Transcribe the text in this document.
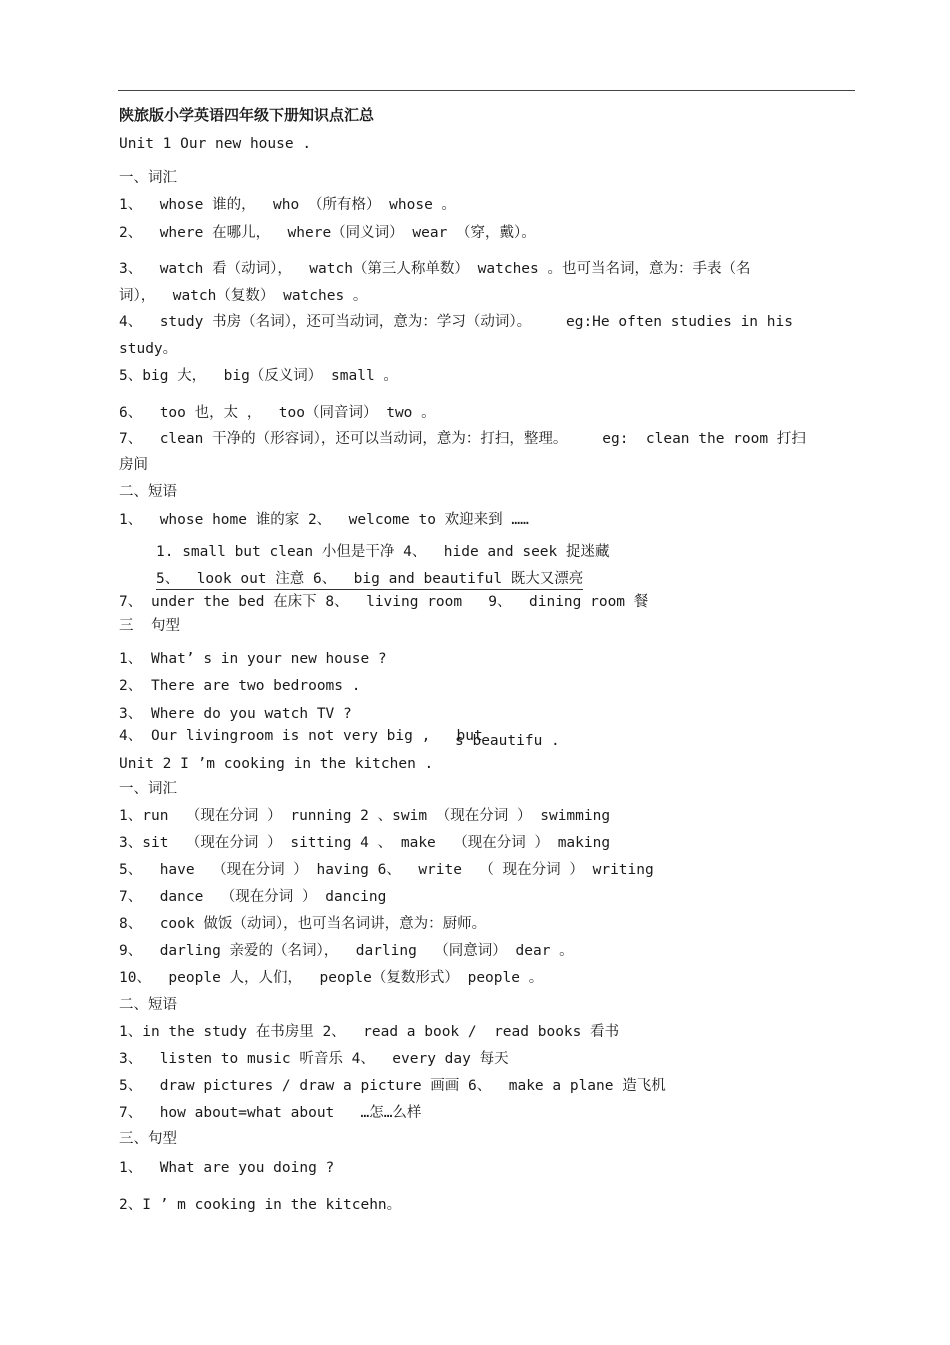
陕旅版小学英语四年级下册知识点汇总
Unit 1 Our new house .
一、词汇
1、  whose 谁的，  who （所有格） whose 。
2、  where 在哪儿，  where（同义词） wear （穿，戴）。
3、  watch 看（动词），  watch（第三人称单数） watches 。也可当名词，意为：手表（名
词），  watch（复数） watches 。
4、  study 书房（名词），还可当动词，意为：学习（动词）。    eg:He often studies in his
study。
5、big 大，  big（反义词） small 。
6、  too 也，太 ，  too（同音词） two 。
7、  clean 干净的（形容词），还可以当动词，意为：打扫，整理。    eg:  clean the room 打扫
房间
二、短语
1、  whose home 谁的家 2、  welcome to 欢迎来到 ……
1. small but clean 小但是干净 4、  hide and seek 捉迷藏
5、  look out 注意 6、  big and beautiful 既大又漂亮
7、 under the bed 在床下 8、  living room   9、  dining room 餐
三  句型
1、 What’ s in your new house ?
2、 There are two bedrooms .
3、 Where do you watch TV ?
4、 Our livingroom is not very big ,   but
s beautifu .
Unit 2 I ’m cooking in the kitchen .
一、词汇
1、run  （现在分词 ） running 2 、swim （现在分词 ） swimming
3、sit  （现在分词 ） sitting 4 、 make  （现在分词 ） making
5、  have  （现在分词 ） having 6、  write  （ 现在分词 ） writing
7、  dance  （现在分词 ） dancing
8、  cook 做饭（动词），也可当名词讲，意为：厨师。
9、  darling 亲爱的（名词），  darling  （同意词） dear 。
10、  people 人，人们，  people（复数形式） people 。
二、短语
1、in the study 在书房里 2、  read a book /  read books 看书
3、  listen to music 听音乐 4、  every day 每天
5、  draw pictures / draw a picture 画画 6、  make a plane 造飞机
7、  how about=what about   …怎…么样
三、句型
1、  What are you doing ?
2、I ’ m cooking in the kitcehn。
